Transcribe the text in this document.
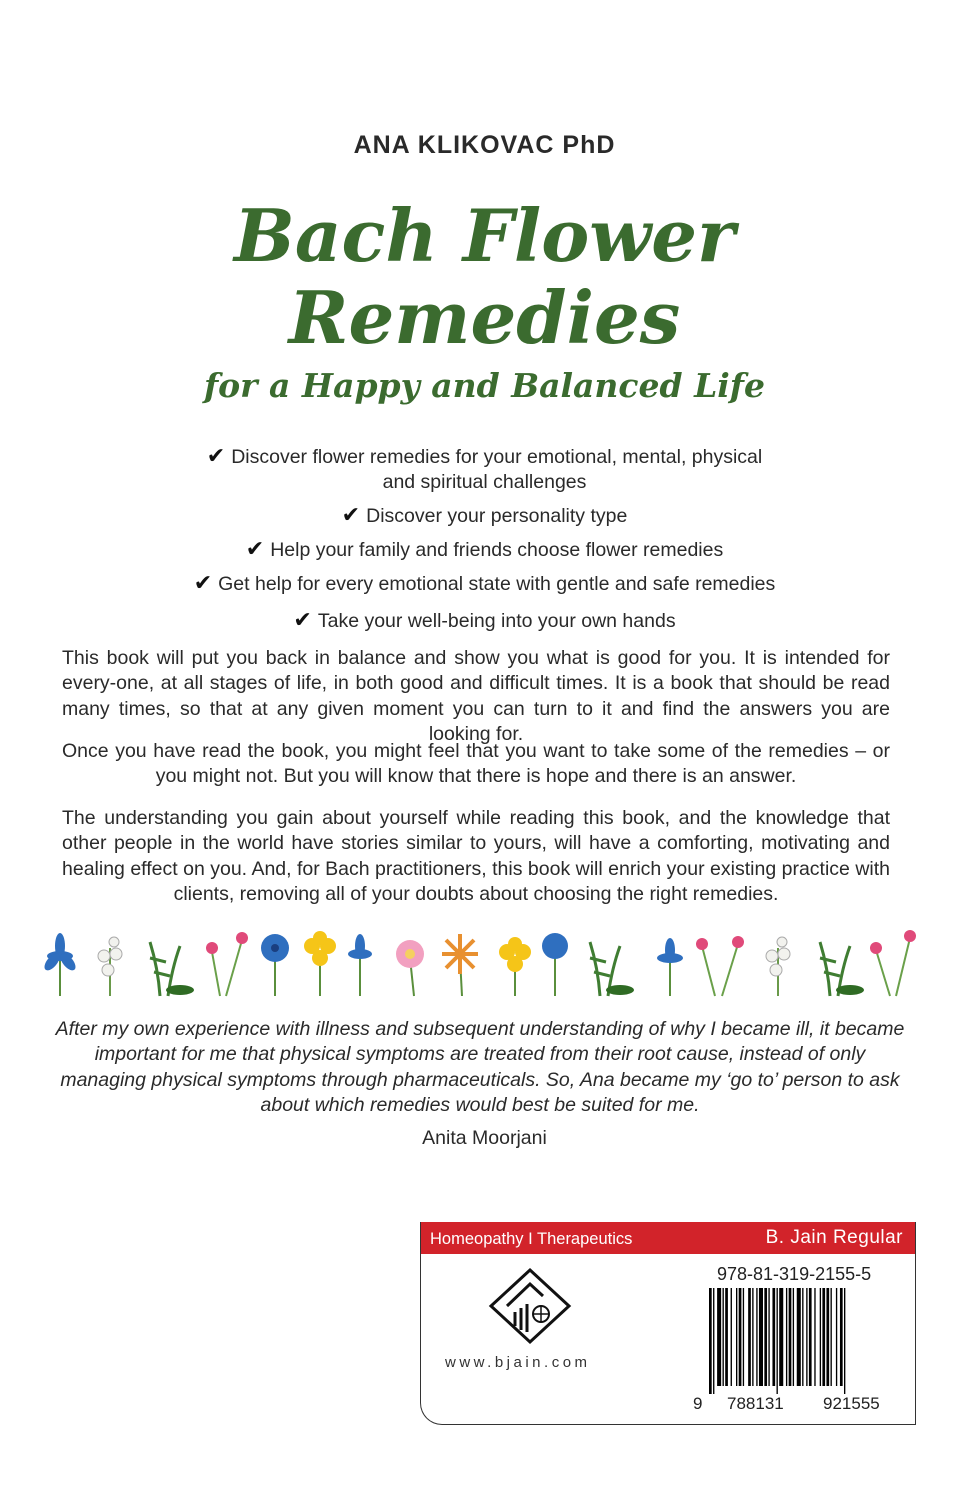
ANA KLIKOVAC PhD
Bach Flower
Remedies
for a Happy and Balanced Life
✔ Discover flower remedies for your emotional, mental, physical
and spiritual challenges
✔ Discover your personality type
✔ Help your family and friends choose flower remedies
✔ Get help for every emotional state with gentle and safe remedies
✔ Take your well-being into your own hands
This book will put you back in balance and show you what is good for you. It is intended for every-one, at all stages of life, in both good and difficult times. It is a book that should be read many times, so that at any given moment you can turn to it and find the answers you are looking for.
Once you have read the book, you might feel that you want to take some of the remedies – or you might not. But you will know that there is hope and there is an answer.
The understanding you gain about yourself while reading this book, and the knowledge that other people in the world have stories similar to yours, will have a comforting, motivating and healing effect on you. And, for Bach practitioners, this book will enrich your existing practice with clients, removing all of your doubts about choosing the right remedies.
After my own experience with illness and subsequent understanding of why I became ill, it became important for me that physical symptoms are treated from their root cause, instead of only managing physical symptoms through pharmaceuticals. So, Ana became my ‘go to’ person to ask about which remedies would best be suited for me.
Anita Moorjani
Homeopathy I Therapeutics	B. Jain Regular
www.bjain.com
978-81-319-2155-5
9 788131 921555
